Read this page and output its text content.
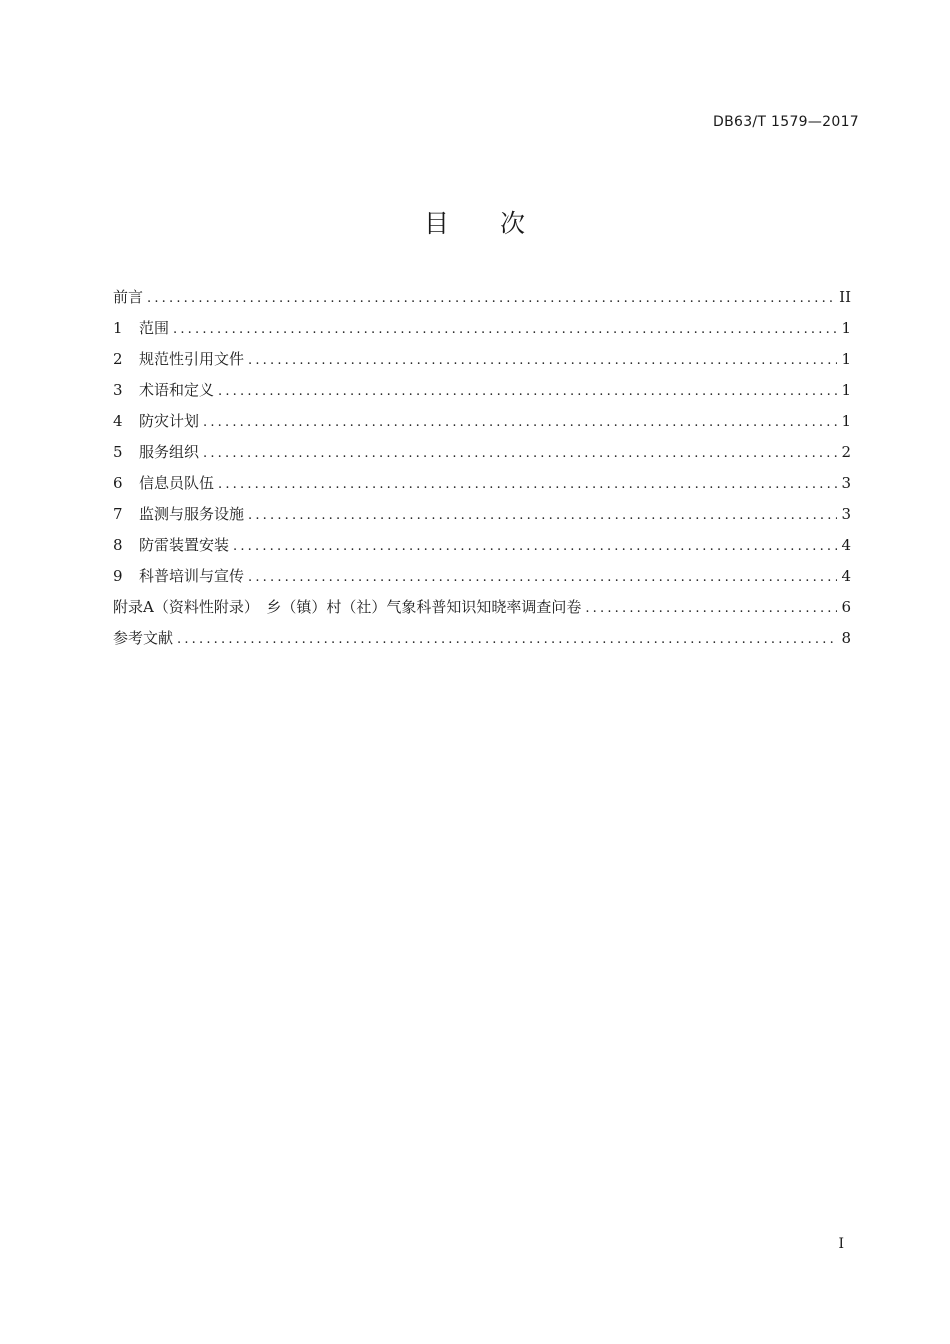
DB63/T 1579—2017
目 次
前言 .....	II
1	范围 .....	1
2	规范性引用文件 .....	1
3	术语和定义 .....	1
4	防灾计划 .....	1
5	服务组织 .....	2
6	信息员队伍 .....	3
7	监测与服务设施 .....	3
8	防雷装置安装 .....	4
9	科普培训与宣传 .....	4
附录A（资料性附录）　乡（镇）村（社）气象科普知识知晓率调查问卷 .....	6
参考文献 .....	8
I
